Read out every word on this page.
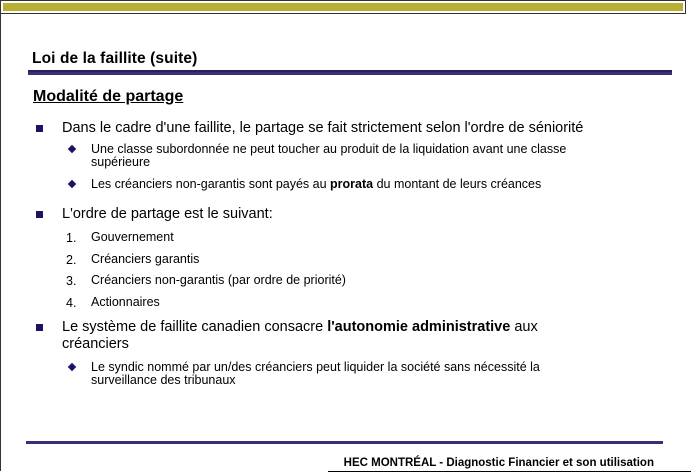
Loi de la faillite (suite)
Modalité de partage
Dans le cadre d'une faillite, le partage se fait strictement selon l'ordre de séniorité
Une classe subordonnée ne peut toucher au produit de la liquidation avant une classe
supérieure
Les créanciers non-garantis sont payés au prorata du montant de leurs créances
L'ordre de partage est le suivant:
1. Gouvernement
2. Créanciers garantis
3. Créanciers non-garantis (par ordre de priorité)
4. Actionnaires
Le système de faillite canadien consacre l'autonomie administrative aux
créanciers
Le syndic nommé par un/des créanciers peut liquider la société sans nécessité la
surveillance des tribunaux
HEC MONTRÉAL - Diagnostic Financier et son utilisation
